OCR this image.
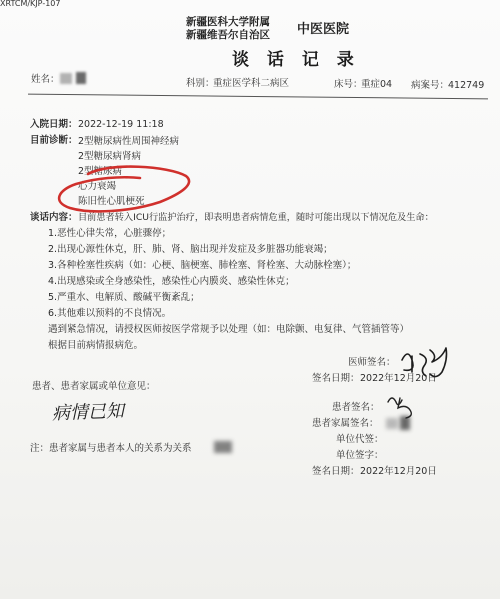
XRTCM/KJP-107
新疆医科大学附属
新疆维吾尔自治区 中医医院
谈 话 记 录
姓名：	科别：
重症医学科二病区	床号：
重症04 病案号：
412749
入院日期： 2022-12-19 11:18
目前诊断： 2型糖尿病性周围神经病
2型糖尿病肾病
2型糖尿病
心力衰竭
陈旧性心肌梗死
谈话内容： 目前患者转入ICU行监护治疗，即表明患者病情危重，随时可能出现以下情况危及生命：
1.恶性心律失常，心脏骤停；
2.出现心源性休克，肝、肺、肾、脑出现并发症及多脏器功能衰竭；
3.各种栓塞性疾病（如：心梗、脑梗塞、肺栓塞、肾栓塞、大动脉栓塞）；
4.出现感染或全身感染性，感染性心内膜炎、感染性休克；
5.严重水、电解质、酸碱平衡紊乱；
6.其他难以预料的不良情况。
遇到紧急情况，请授权医师按医学常规予以处理（如：电除颤、电复律、气管插管等）
根据目前病情报病危。
医师签名：
签名日期： 2022年12月20日
患者、患者家属或单位意见：
患者签名：
患者家属签名：
单位代签：
单位签字：
病情已知
注：患者家属与患者本人的关系为关系
签名日期： 2022年12月20日
